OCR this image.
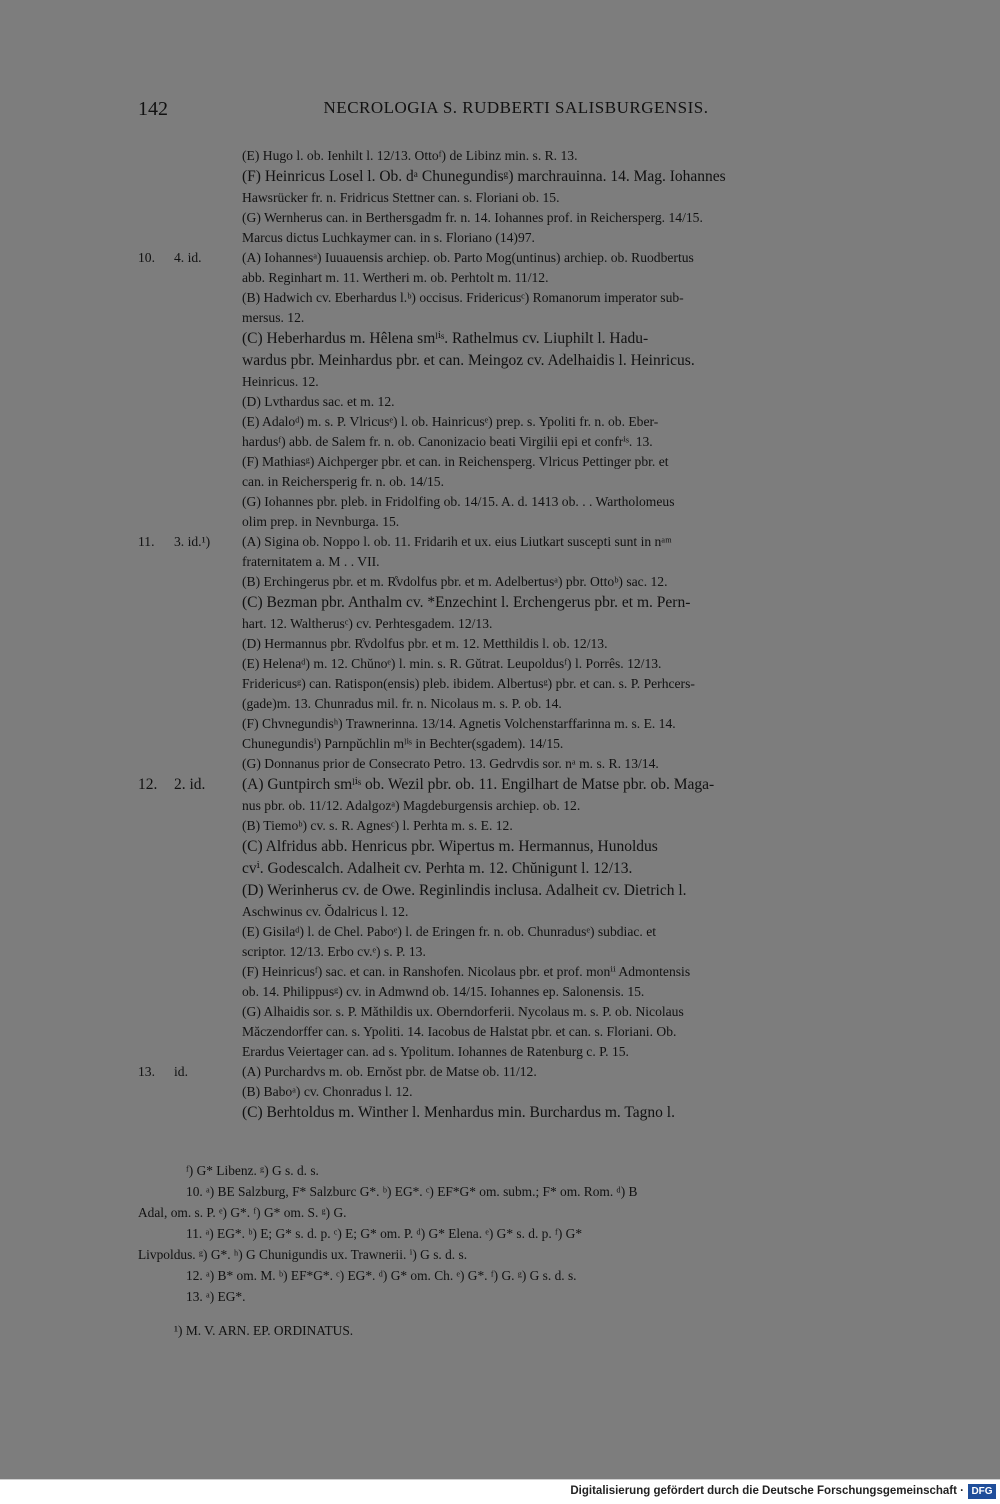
142	NECROLOGIA S. RUDBERTI SALISBURGENSIS.
(E) Hugo l. ob. Ienhilt l. 12/13. Ottoᶠ) de Libinz min. s. R. 13.
(F) Heinricus Losel l. Ob. dᵃ Chunegundisᵍ) marchrauinna. 14. Mag. Iohannes
Hawsrücker fr. n. Fridricus Stettner can. s. Floriani ob. 15.
(G) Wernherus can. in Berthersgadm fr. n. 14. Iohannes prof. in Reichersperg. 14/15.
Marcus dictus Luchkaymer can. in s. Floriano (14)97.
10. 4. id.	(A) Iohannesᵃ) Iuuauensis archiep. ob. Parto Mog(untinus) archiep. ob. Ruodbertus
abb. Reginhart m. 11. Wertheri m. ob. Perhtolt m. 11/12.
(B) Hadwich cv. Eberhardus l.ᵇ) occisus. Fridericusᶜ) Romanorum imperator sub-
mersus. 12.
(C) Heberhardus m. Hêlena smˡⁱˢ. Rathelmus cv. Liuphilt l. Hadu-
wardus pbr. Meinhardus pbr. et can. Meingoz cv. Adelhaidis l. Heinricus.
Heinricus. 12.
(D) Lvthardus sac. et m. 12.
(E) Adaloᵈ) m. s. P. Vlricusᵉ) l. ob. Hainricusᵉ) prep. s. Ypoliti fr. n. ob. Eber-
hardusᶠ) abb. de Salem fr. n. ob. Canonizacio beati Virgilii epi et confrⁱˢ. 13.
(F) Mathiasᵍ) Aichperger pbr. et can. in Reichensperg. Vlricus Pettinger pbr. et
can. in Reichersperig fr. n. ob. 14/15.
(G) Iohannes pbr. pleb. in Fridolfing ob. 14/15. A. d. 1413 ob. . . Wartholomeus
olim prep. in Nevnburga. 15.
11. 3. id.¹) (A) Sigina ob. Noppo l. ob. 11. Fridarih et ux. eius Liutkart suscepti sunt in nᵃᵐ
fraternitatem a. M . . VII.
(B) Erchingerus pbr. et m. R̊vdolfus pbr. et m. Adelbertusᵃ) pbr. Ottoᵇ) sac. 12.
(C) Bezman pbr. Anthalm cv. *Enzechint l. Erchengerus pbr. et m. Pern-
hart. 12. Waltherusᶜ) cv. Perhtesgadem. 12/13.
(D) Hermannus pbr. R̊vdolfus pbr. et m. 12. Metthildis l. ob. 12/13.
(E) Helenaᵈ) m. 12. Chŭnoᵉ) l. min. s. R. Gŭtrat. Leupoldusᶠ) l. Porrês. 12/13.
Fridericusᵍ) can. Ratispon(ensis) pleb. ibidem. Albertusᵍ) pbr. et can. s. P. Perhcers-
(gade)m. 13. Chunradus mil. fr. n. Nicolaus m. s. P. ob. 14.
(F) Chvnegundisʰ) Trawnerinna. 13/14. Agnetis Volchenstarffarinna m. s. E. 14.
Chunegundisⁱ) Parnpŭchlin mˡⁱˢ in Bechter(sgadem). 14/15.
(G) Donnanus prior de Consecrato Petro. 13. Gedrvdis sor. nᵃ m. s. R. 13/14.
12. 2. id. (A) Guntpirch smˡⁱˢ ob. Wezil pbr. ob. 11. Engilhart de Matse pbr. ob. Maga-
nus pbr. ob. 11/12. Adalgozᵃ) Magdeburgensis archiep. ob. 12.
(B) Tiemoᵇ) cv. s. R. Agnesᶜ) l. Perhta m. s. E. 12.
(C) Alfridus abb. Henricus pbr. Wipertus m. Hermannus, Hunoldus
cvⁱ. Godescalch. Adalheit cv. Perhta m. 12. Chŭnigunt l. 12/13.
(D) Werinherus cv. de Owe. Reginlindis inclusa. Adalheit cv. Dietrich l.
Aschwinus cv. Ŏdalricus l. 12.
(E) Gisilaᵈ) l. de Chel. Paboᵉ) l. de Eringen fr. n. ob. Chunradusᵉ) subdiac. et
scriptor. 12/13. Erbo cv.ᵉ) s. P. 13.
(F) Heinricusᶠ) sac. et can. in Ranshofen. Nicolaus pbr. et prof. monⁱⁱ Admontensis
ob. 14. Philippusᵍ) cv. in Admwnd ob. 14/15. Iohannes ep. Salonensis. 15.
(G) Alhaidis sor. s. P. Măthildis ux. Oberndorferii. Nycolaus m. s. P. ob. Nicolaus
Măczendorffer can. s. Ypoliti. 14. Iacobus de Halstat pbr. et can. s. Floriani. Ob.
Erardus Veiertager can. ad s. Ypolitum. Iohannes de Ratenburg c. P. 15.
13. id.	(A) Purchardvs m. ob. Ernŏst pbr. de Matse ob. 11/12.
(B) Baboᵃ) cv. Chonradus l. 12.
(C) Berhtoldus m. Winther l. Menhardus min. Burchardus m. Tagno l.
ᶠ) G* Libenz. ᵍ) G s. d. s.
10. ᵃ) BE Salzburg, F* Salzburc G*. ᵇ) EG*. ᶜ) EF*G* om. subm.; F* om. Rom. ᵈ) B
Adal, om. s. P. ᵉ) G*. ᶠ) G* om. S. ᵍ) G.
11. ᵃ) EG*. ᵇ) E; G* s. d. p. ᶜ) E; G* om. P. ᵈ) G* Elena. ᵉ) G* s. d. p. ᶠ) G*
Livpoldus. ᵍ) G*. ʰ) G Chunigundis ux. Trawnerii. ⁱ) G s. d. s.
12. ᵃ) B* om. M. ᵇ) EF*G*. ᶜ) EG*. ᵈ) G* om. Ch. ᵉ) G*. ᶠ) G. ᵍ) G s. d. s.
13. ᵃ) EG*.
¹) M. V. ARN. EP. ORDINATUS.
Digitalisierung gefördert durch die Deutsche Forschungsgemeinschaft · DFG
